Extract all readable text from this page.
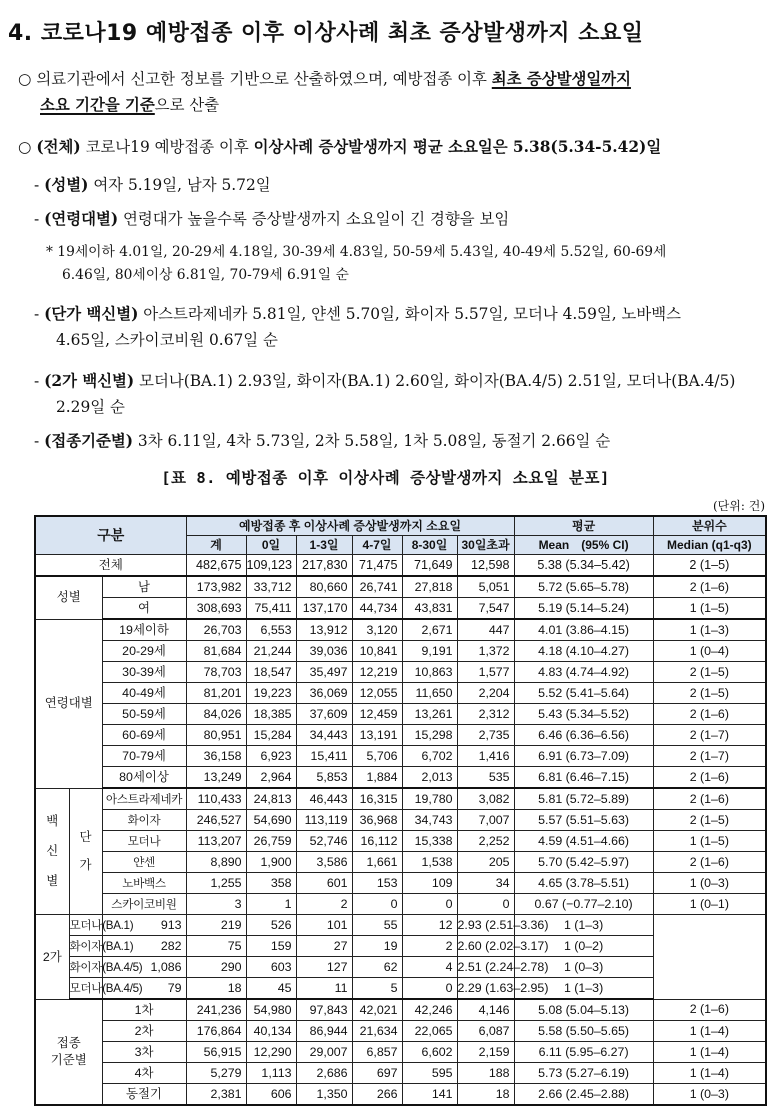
4. 코로나19 예방접종 이후 이상사례 최초 증상발생까지 소요일
○ 의료기관에서 신고한 정보를 기반으로 산출하였으며, 예방접종 이후 최초 증상발생일까지
소요 기간을 기준으로 산출
○ (전체) 코로나19 예방접종 이후 이상사례 증상발생까지 평균 소요일은 5.38(5.34-5.42)일
- (성별) 여자 5.19일, 남자 5.72일
- (연령대별) 연령대가 높을수록 증상발생까지 소요일이 긴 경향을 보임
* 19세이하 4.01일, 20-29세 4.18일, 30-39세 4.83일, 50-59세 5.43일, 40-49세 5.52일, 60-69세
6.46일, 80세이상 6.81일, 70-79세 6.91일 순
- (단가 백신별) 아스트라제네카 5.81일, 얀센 5.70일, 화이자 5.57일, 모더나 4.59일, 노바백스
4.65일, 스카이코비원 0.67일 순
- (2가 백신별) 모더나(BA.1) 2.93일, 화이자(BA.1) 2.60일, 화이자(BA.4/5) 2.51일, 모더나(BA.4/5)
2.29일 순
- (접종기준별) 3차 6.11일, 4차 5.73일, 2차 5.58일, 1차 5.08일, 동절기 2.66일 순
[표 8. 예방접종 이후 이상사례 증상발생까지 소요일 분포]
(단위: 건)
구분			예방접종 후 이상사례 증상발생까지 소요일						평균	분위수
			계	0일	1-3일	4-7일	8-30일	30일초과	Mean　(95% CI)	Median (q1-q3)
전체			482,675	109,123	217,830	71,475	71,649	12,598	5.38 (5.34–5.42)	2 (1–5)
성별		남	173,982	33,712	80,660	26,741	27,818	5,051	5.72 (5.65–5.78)	2 (1–6)
		여	308,693	75,411	137,170	44,734	43,831	7,547	5.19 (5.14–5.24)	1 (1–5)
연령대별		19세이하	26,703	6,553	13,912	3,120	2,671	447	4.01 (3.86–4.15)	1 (1–3)
		20-29세	81,684	21,244	39,036	10,841	9,191	1,372	4.18 (4.10–4.27)	1 (0–4)
		30-39세	78,703	18,547	35,497	12,219	10,863	1,577	4.83 (4.74–4.92)	2 (1–5)
		40-49세	81,201	19,223	36,069	12,055	11,650	2,204	5.52 (5.41–5.64)	2 (1–5)
		50-59세	84,026	18,385	37,609	12,459	13,261	2,312	5.43 (5.34–5.52)	2 (1–6)
		60-69세	80,951	15,284	34,443	13,191	15,298	2,735	6.46 (6.36–6.56)	2 (1–7)
		70-79세	36,158	6,923	15,411	5,706	6,702	1,416	6.91 (6.73–7.09)	2 (1–7)
		80세이상	13,249	2,964	5,853	1,884	2,013	535	6.81 (6.46–7.15)	2 (1–6)
백
신
별	단
가	아스트라제네카	110,433	24,813	46,443	16,315	19,780	3,082	5.81 (5.72–5.89)	2 (1–6)
		화이자	246,527	54,690	113,119	36,968	34,743	7,007	5.57 (5.51–5.63)	2 (1–5)
		모더나	113,207	26,759	52,746	16,112	15,338	2,252	4.59 (4.51–4.66)	1 (1–5)
		얀센	8,890	1,900	3,586	1,661	1,538	205	5.70 (5.42–5.97)	2 (1–6)
		노바백스	1,255	358	601	153	109	34	4.65 (3.78–5.51)	1 (0–3)
		스카이코비원	3	1	2	0	0	0	0.67 (−0.77–2.10)	1 (0–1)
2가	모더나(BA.1)	913	219	526	101	55	12	2.93 (2.51–3.36)	1 (1–3)	
	화이자(BA.1)	282	75	159	27	19	2	2.60 (2.02–3.17)	1 (0–2)	
	화이자(BA.4/5)	1,086	290	603	127	62	4	2.51 (2.24–2.78)	1 (0–3)	
	모더나(BA.4/5)	79	18	45	11	5	0	2.29 (1.63–2.95)	1 (1–3)	
접종
기준별		1차	241,236	54,980	97,843	42,021	42,246	4,146	5.08 (5.04–5.13)	2 (1–6)
		2차	176,864	40,134	86,944	21,634	22,065	6,087	5.58 (5.50–5.65)	1 (1–4)
		3차	56,915	12,290	29,007	6,857	6,602	2,159	6.11 (5.95–6.27)	1 (1–4)
		4차	5,279	1,113	2,686	697	595	188	5.73 (5.27–6.19)	1 (1–4)
		동절기	2,381	606	1,350	266	141	18	2.66 (2.45–2.88)	1 (0–3)
